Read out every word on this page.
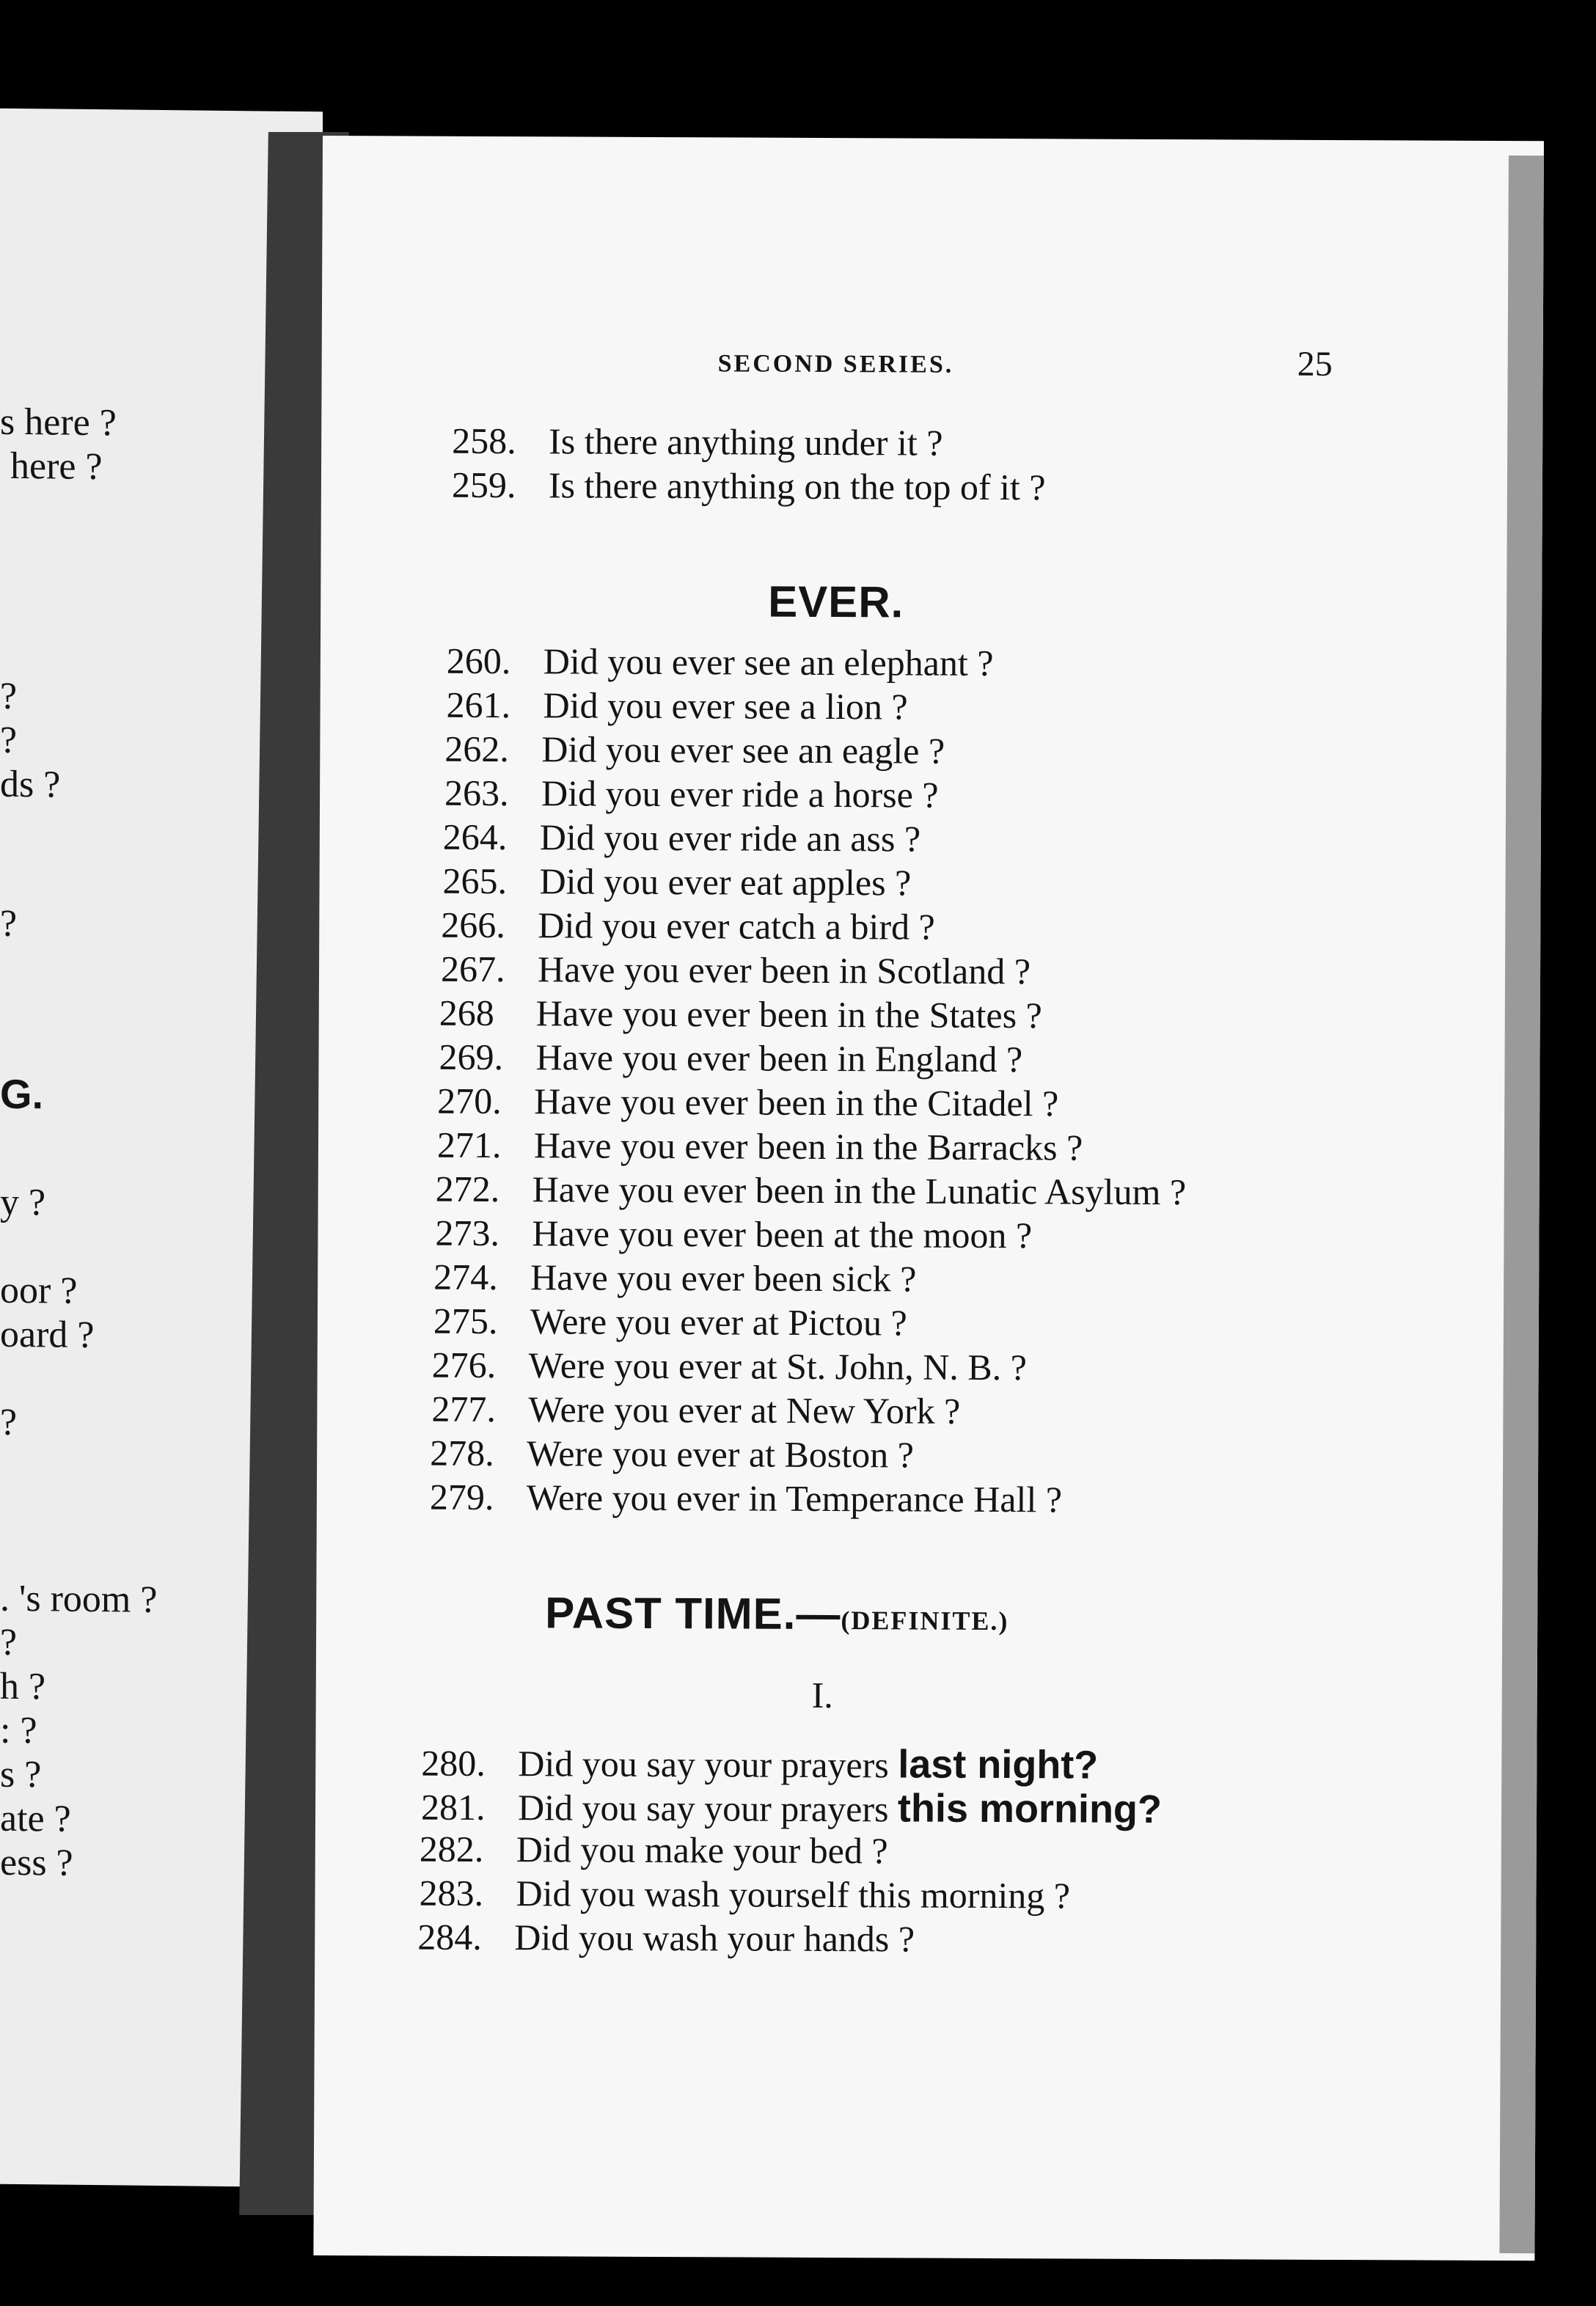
s here ?
here ?
?
?
ds ?
?
G.
y ?
oor ?
oard ?
?
. 's room ?
?
h ?
: ?
s ?
ate ?
ess ?
SECOND SERIES.	25
258. Is there anything under it ?
259. Is there anything on the top of it ?
EVER.
260. Did you ever see an elephant ?
261. Did you ever see a lion ?
262. Did you ever see an eagle ?
263. Did you ever ride a horse ?
264. Did you ever ride an ass ?
265. Did you ever eat apples ?
266. Did you ever catch a bird ?
267. Have you ever been in Scotland ?
268 Have you ever been in the States ?
269. Have you ever been in England ?
270. Have you ever been in the Citadel ?
271. Have you ever been in the Barracks ?
272. Have you ever been in the Lunatic Asylum ?
273. Have you ever been at the moon ?
274. Have you ever been sick ?
275. Were you ever at Pictou ?
276. Were you ever at St. John, N. B. ?
277. Were you ever at New York ?
278. Were you ever at Boston ?
279. Were you ever in Temperance Hall ?
PAST TIME.—(DEFINITE.)
I.
280. Did you say your prayers last night?
281. Did you say your prayers this morning?
282. Did you make your bed ?
283. Did you wash yourself this morning ?
284. Did you wash your hands ?
